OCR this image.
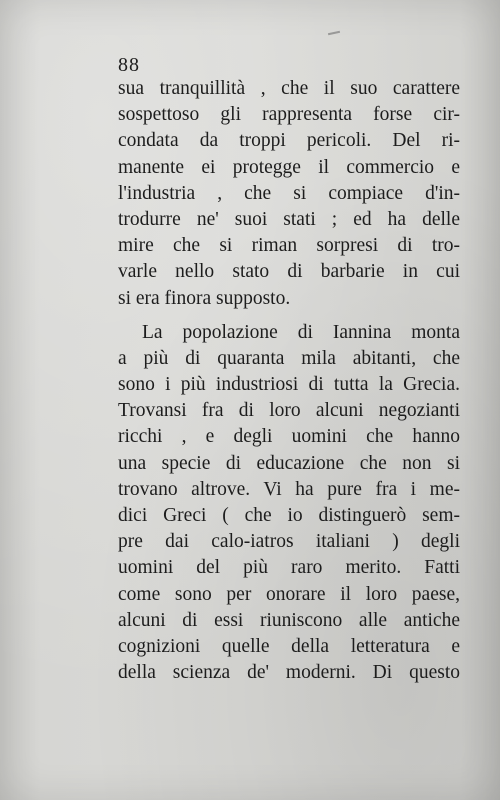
88
sua tranquillità , che il suo carattere
sospettoso gli rappresenta forse cir-
condata da troppi pericoli. Del ri-
manente ei protegge il commercio e
l'industria , che si compiace d'in-
trodurre ne' suoi stati ; ed ha delle
mire che si riman sorpresi di tro-
varle nello stato di barbarie in cui
si era finora supposto.
La popolazione di Iannina monta
a più di quaranta mila abitanti, che
sono i più industriosi di tutta la Grecia.
Trovansi fra di loro alcuni negozianti
ricchi , e degli uomini che hanno
una specie di educazione che non si
trovano altrove. Vi ha pure fra i me-
dici Greci ( che io distinguerò sem-
pre dai calo-iatros italiani ) degli
uomini del più raro merito. Fatti
come sono per onorare il loro paese,
alcuni di essi riuniscono alle antiche
cognizioni quelle della letteratura e
della scienza de' moderni. Di questo
